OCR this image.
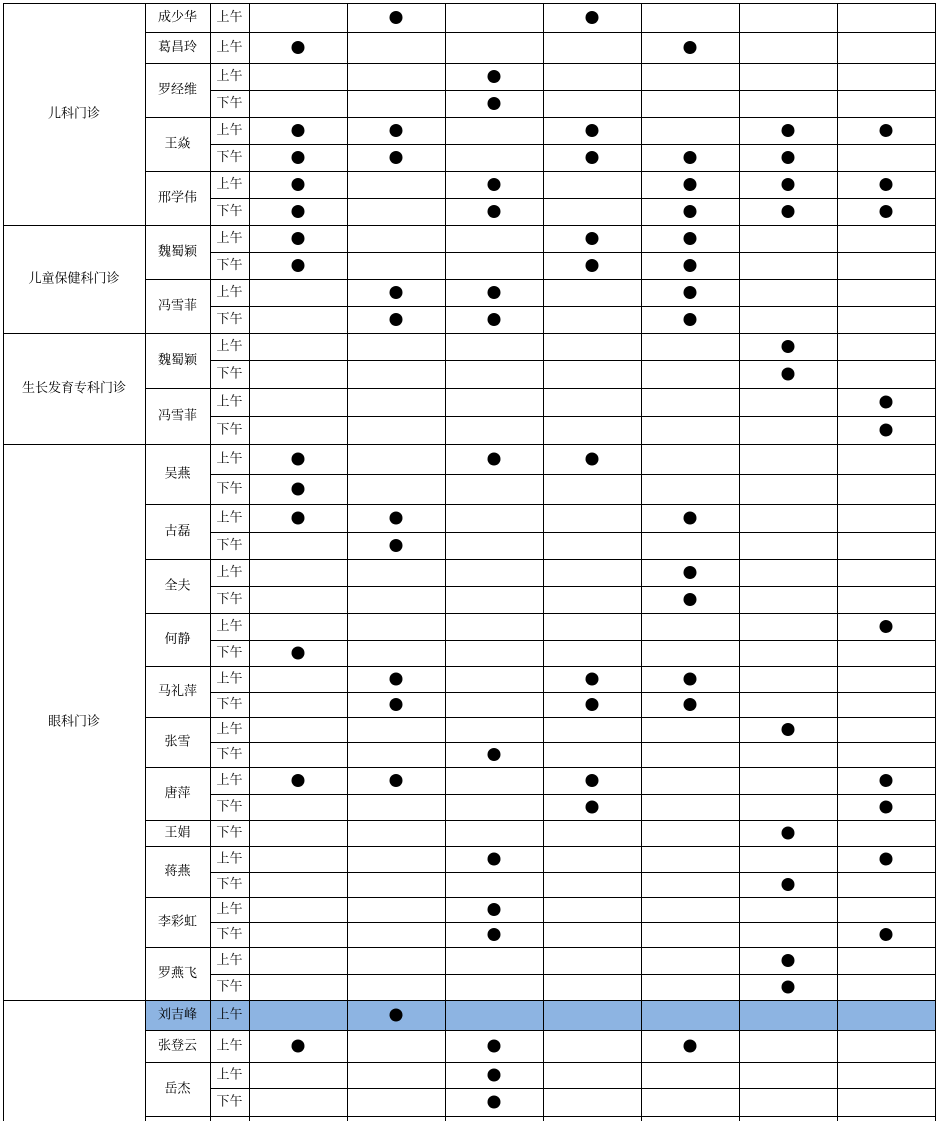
上午
上午
上午
下午
上午
下午
上午
下午
上午
下午
上午
下午
上午
下午
上午
下午
上午
下午
上午
下午
上午
下午
上午
下午
上午
下午
上午
下午
上午
下午
下午
上午
下午
上午
下午
上午
下午
上午
上午
上午
下午
儿科门诊
儿童保健科门诊
生长发育专科门诊
眼科门诊
成少华
葛昌玲
罗经维
王焱
邢学伟
魏蜀颖
冯雪菲
魏蜀颖
冯雪菲
吴燕
古磊
全夫
何静
马礼萍
张雪
唐萍
王娟
蒋燕
李彩虹
罗燕飞
刘吉峰
张登云
岳杰
